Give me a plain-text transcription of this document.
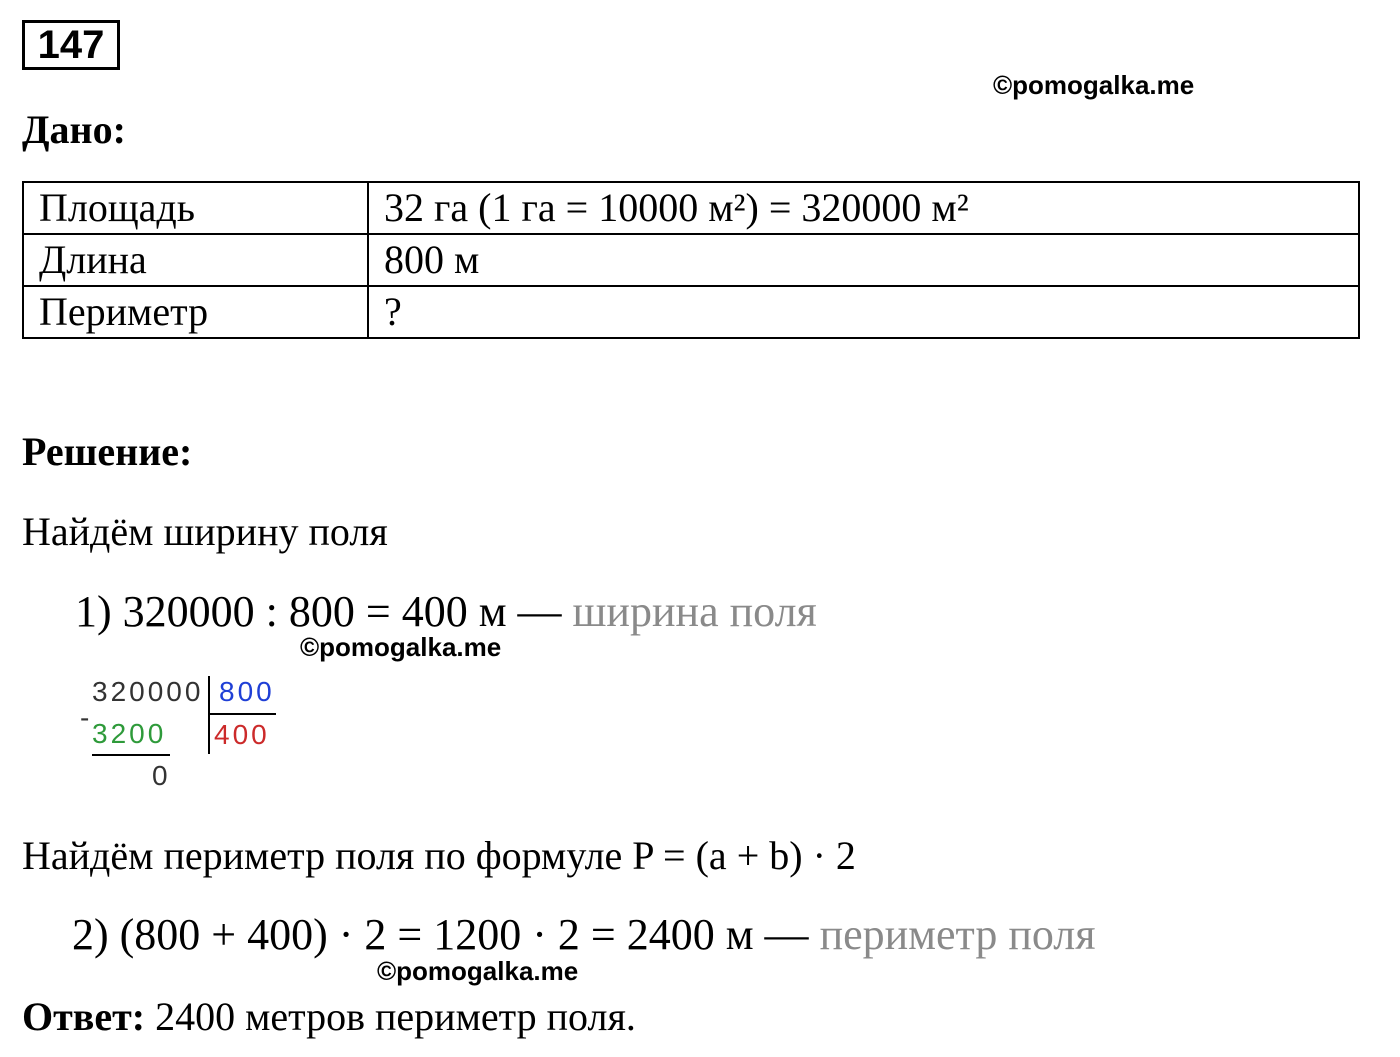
147
©pomogalka.me
Дано:
Площадь	32 га (1 га = 10000 м²) = 320000 м²
Длина	800 м
Периметр	?
Решение:
Найдём ширину поля
1) 320000 : 800 = 400 м — ширина поля
©pomogalka.me
320000 800
-
3200 400
0
Найдём периметр поля по формуле P = (a + b) · 2
2) (800 + 400) · 2 = 1200 · 2 = 2400 м — периметр поля
©pomogalka.me
Ответ: 2400 метров периметр поля.
